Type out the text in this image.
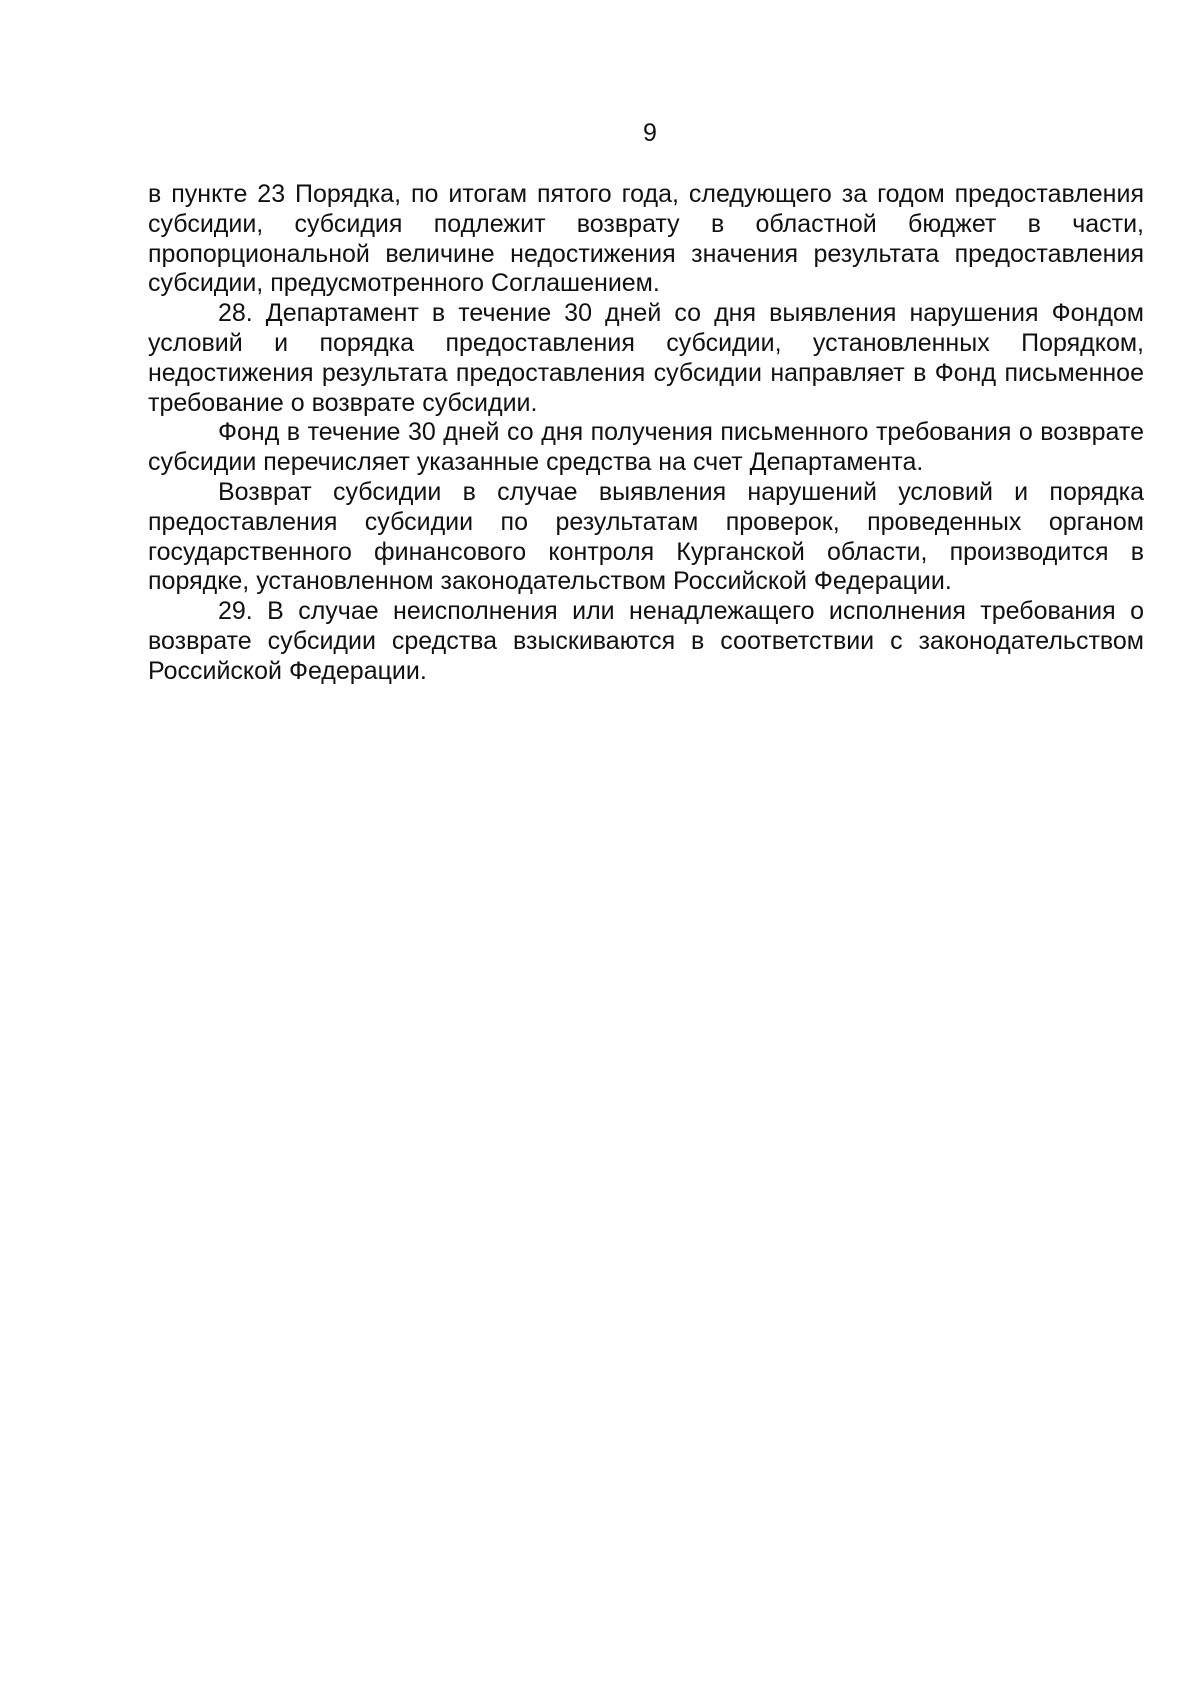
9

в пункте 23 Порядка, по итогам пятого года, следующего за годом предоставления субсидии, субсидия подлежит возврату в областной бюджет в части, пропорциональной величине недостижения значения результата предоставления субсидии, предусмотренного Соглашением.

28. Департамент в течение 30 дней со дня выявления нарушения Фондом условий и порядка предоставления субсидии, установленных Порядком, недостижения результата предоставления субсидии направляет в Фонд письменное требование о возврате субсидии.

Фонд в течение 30 дней со дня получения письменного требования о возврате субсидии перечисляет указанные средства на счет Департамента.

Возврат субсидии в случае выявления нарушений условий и порядка предоставления субсидии по результатам проверок, проведенных органом государственного финансового контроля Курганской области, производится в порядке, установленном законодательством Российской Федерации.

29. В случае неисполнения или ненадлежащего исполнения требования о возврате субсидии средства взыскиваются в соответствии с законодательством Российской Федерации.
